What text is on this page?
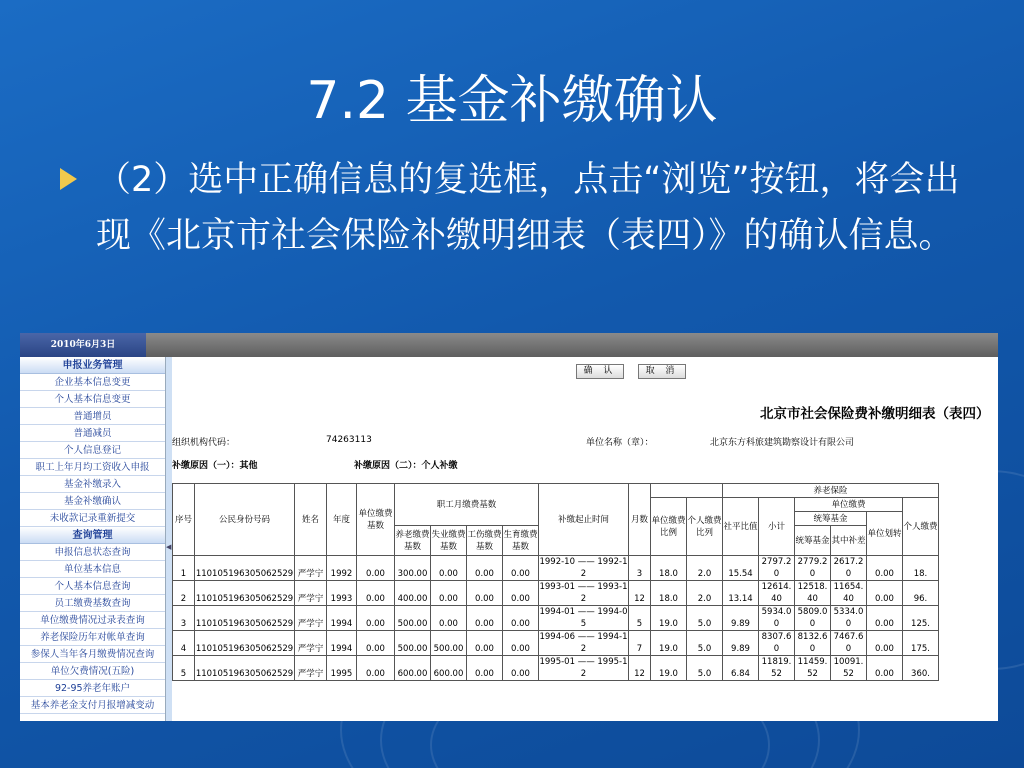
7.2 基金补缴确认
（2）选中正确信息的复选框，点击“浏览”按钮，将会出现《北京市社会保险补缴明细表（表四）》的确认信息。
2010年6月3日
申报业务管理
企业基本信息变更
个人基本信息变更
普通增员
普通减员
个人信息登记
职工上年月均工资收入申报
基金补缴录入
基金补缴确认
未收款记录重新提交
查询管理
申报信息状态查询
单位基本信息
个人基本信息查询
员工缴费基数查询
单位缴费情况过录表查询
养老保险历年对帐单查询
参保人当年各月缴费情况查询
单位欠费情况(五险)
92-95养老年账户
基本养老金支付月报增减变动
◀
确 认	取 消
北京市社会保险费补缴明细表（表四）
组织机构代码：	74263113	单位名称（章）：	北京东方科旅建筑勘察设计有限公司
补缴原因（一）：其他	补缴原因（二）：个人补缴
序号	公民身份号码	姓名	年度	单位缴费基数	职工月缴费基数				补缴起止时间	月数			养老保险					
											单位缴费比例	个人缴费比列	社平比值	小计	单位缴费			个人缴费
															统筹基金		单位划转	
					养老缴费基数	失业缴费基数	工伤缴费基数	生育缴费基数							统筹基金	其中补差		
1	110105196305062529	严学宁	1992	0.00	300.00	0.00	0.00	0.00	1992-10 —— 1992-12	3	18.0	2.0	15.54	2797.20	2779.20	2617.20	0.00	18.
2	110105196305062529	严学宁	1993	0.00	400.00	0.00	0.00	0.00	1993-01 —— 1993-12	12	18.0	2.0	13.14	12614.40	12518.40	11654.40	0.00	96.
3	110105196305062529	严学宁	1994	0.00	500.00	0.00	0.00	0.00	1994-01 —— 1994-05	5	19.0	5.0	9.89	5934.00	5809.00	5334.00	0.00	125.
4	110105196305062529	严学宁	1994	0.00	500.00	500.00	0.00	0.00	1994-06 —— 1994-12	7	19.0	5.0	9.89	8307.60	8132.60	7467.60	0.00	175.
5	110105196305062529	严学宁	1995	0.00	600.00	600.00	0.00	0.00	1995-01 —— 1995-12	12	19.0	5.0	6.84	11819.52	11459.52	10091.52	0.00	360.
